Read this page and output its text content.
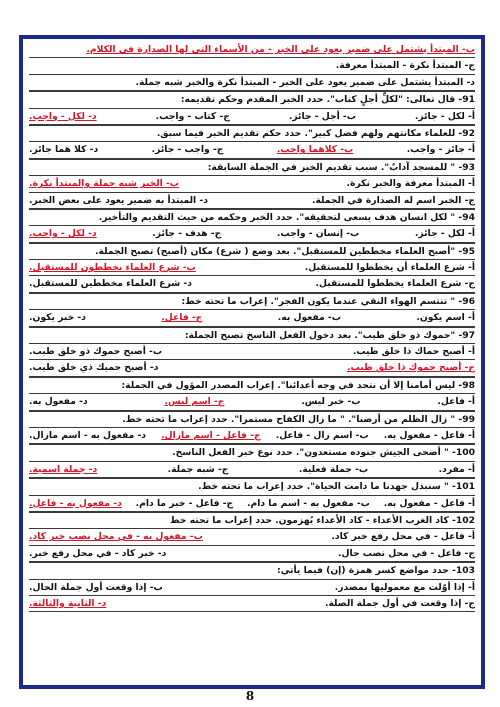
ب- المبتدأ يشتمل على ضمير يعود على الخبر - من الأسماء التي لها الصدارة في الكلام.
ج- المبتدأ نكرة - المبتدأ معرفة.
د- المبتدأ يشتمل على ضمير يعود على الخبر - المبتدأ نكرة والخبر شبه جملة.
91- قال تعالى: "لكلِّ أجلٍ كتاب". حدد الخبر المقدم وحكم تقديمه:
أ- لكل - جائز.
ب- أجل - جائز.
ج- كتاب - واجب.
د- لكل - واجب.
92- للعلماء مكانتهم ولهم فضل كبير". حدد حكم تقديم الخبر فيما سبق.
أ- جائز - واجب.
ب- كلاهما واجب.
ج- واجب - جائز.
د- كلا هما جائز.
93- " للمسجد آدابٌ". سبب تقديم الخبر في الجملة السابقة:
أ- المبتدأ معرفة والخبر نكرة.
ب- الخبر شبه جملة والمبتدأ نكرة.
ج- الخبر اسم له الصدارة في الجملة.
د- المبتدأ به ضمير يعود على بعض الخبر.
94- " لكل انسان هدف يسعى لتحقيقه". حدد الخبر وحكمه من حيث التقديم والتأخير.
أ- لكل - جائز.
ب- إنسان - واجب.
ج- هدف - جائز.
د- لكل - واجب.
95- "أصبح العلماء مخططين للمستقبل". بعد وضع ( شرع) مكان (أصبح) تصبح الجملة.
أ- شرع العلماء أن يخططوا للمستقبل.
ب- شرع العلماء يخططون للمستقبل.
ج- شرع العلماء يخططوا للمستقبل.
د- شرع العلماء مخططين للمستقبل.
96- " تنتسم الهواء النقي عندما يكون الفجر". إعراب ما تحته خط:
أ- اسم يكون.
ب- مفعول به.
ج- فاعل.
د- خبر يكون.
97- "حموك ذو خلق طيب". بعد دخول الفعل الناسخ تصبح الجملة:
أ- أصبح حماك ذا خلق طيب.
ب- أصبح حموك ذو خلق طيب.
ج- أصبح حموك ذا خلق طيب.
د- أصبح حميك ذي خلق طيب.
98- ليس أمامنا إلا أن نتحد في وجه أعدائنا". إعراب المصدر المؤول في الجملة:
أ- فاعل.
ب- خبر ليس.
ج- اسم ليس.
د- مفعول به.
99- " زال الظلم من أرضنا". " ما زال الكفاح مستمرا". حدد إعراب ما تحته خط.
أ- فاعل - مفعول به.
ب- اسم زال - فاعل.
ج- فاعل - اسم مازال.
د- مفعول به - اسم مازال.
100- " أضحى الجيش جنوده مستعدون". حدد نوع خبر الفعل الناسخ.
أ- مفرد.
ب- جملة فعلية.
ج- شبه جملة.
د- جملة اسمية.
101- " سنبذل جهدنا ما دامت الحياة". حدد إعراب ما تحته خط.
أ- فاعل - مفعول به.
ب- مفعول به - اسم ما دام.
ج- فاعل - خبر ما دام.
د- مفعول به - فاعل.
102- كاد الغرب الأعداء - كاد الأعداء يُهزمون. حدد إعراب ما تحته خط
أ- فاعل - في محل رفع خبر كاد.
ب- مفعول به - في محل نصب خبر كاد.
ج- فاعل - في محل نصب حال.
د- خبر كاد - في محل رفع خبر.
103- حدد مواضع كسر همزة (إن) فيما يأتي:
أ- إذا أوّلت مع معموليها بمصدر.
ب- إذا وقعت أول جملة الحال.
ج- إذا وقعت في أول جملة الصلة.
د- الثانية والثالثة.
8
